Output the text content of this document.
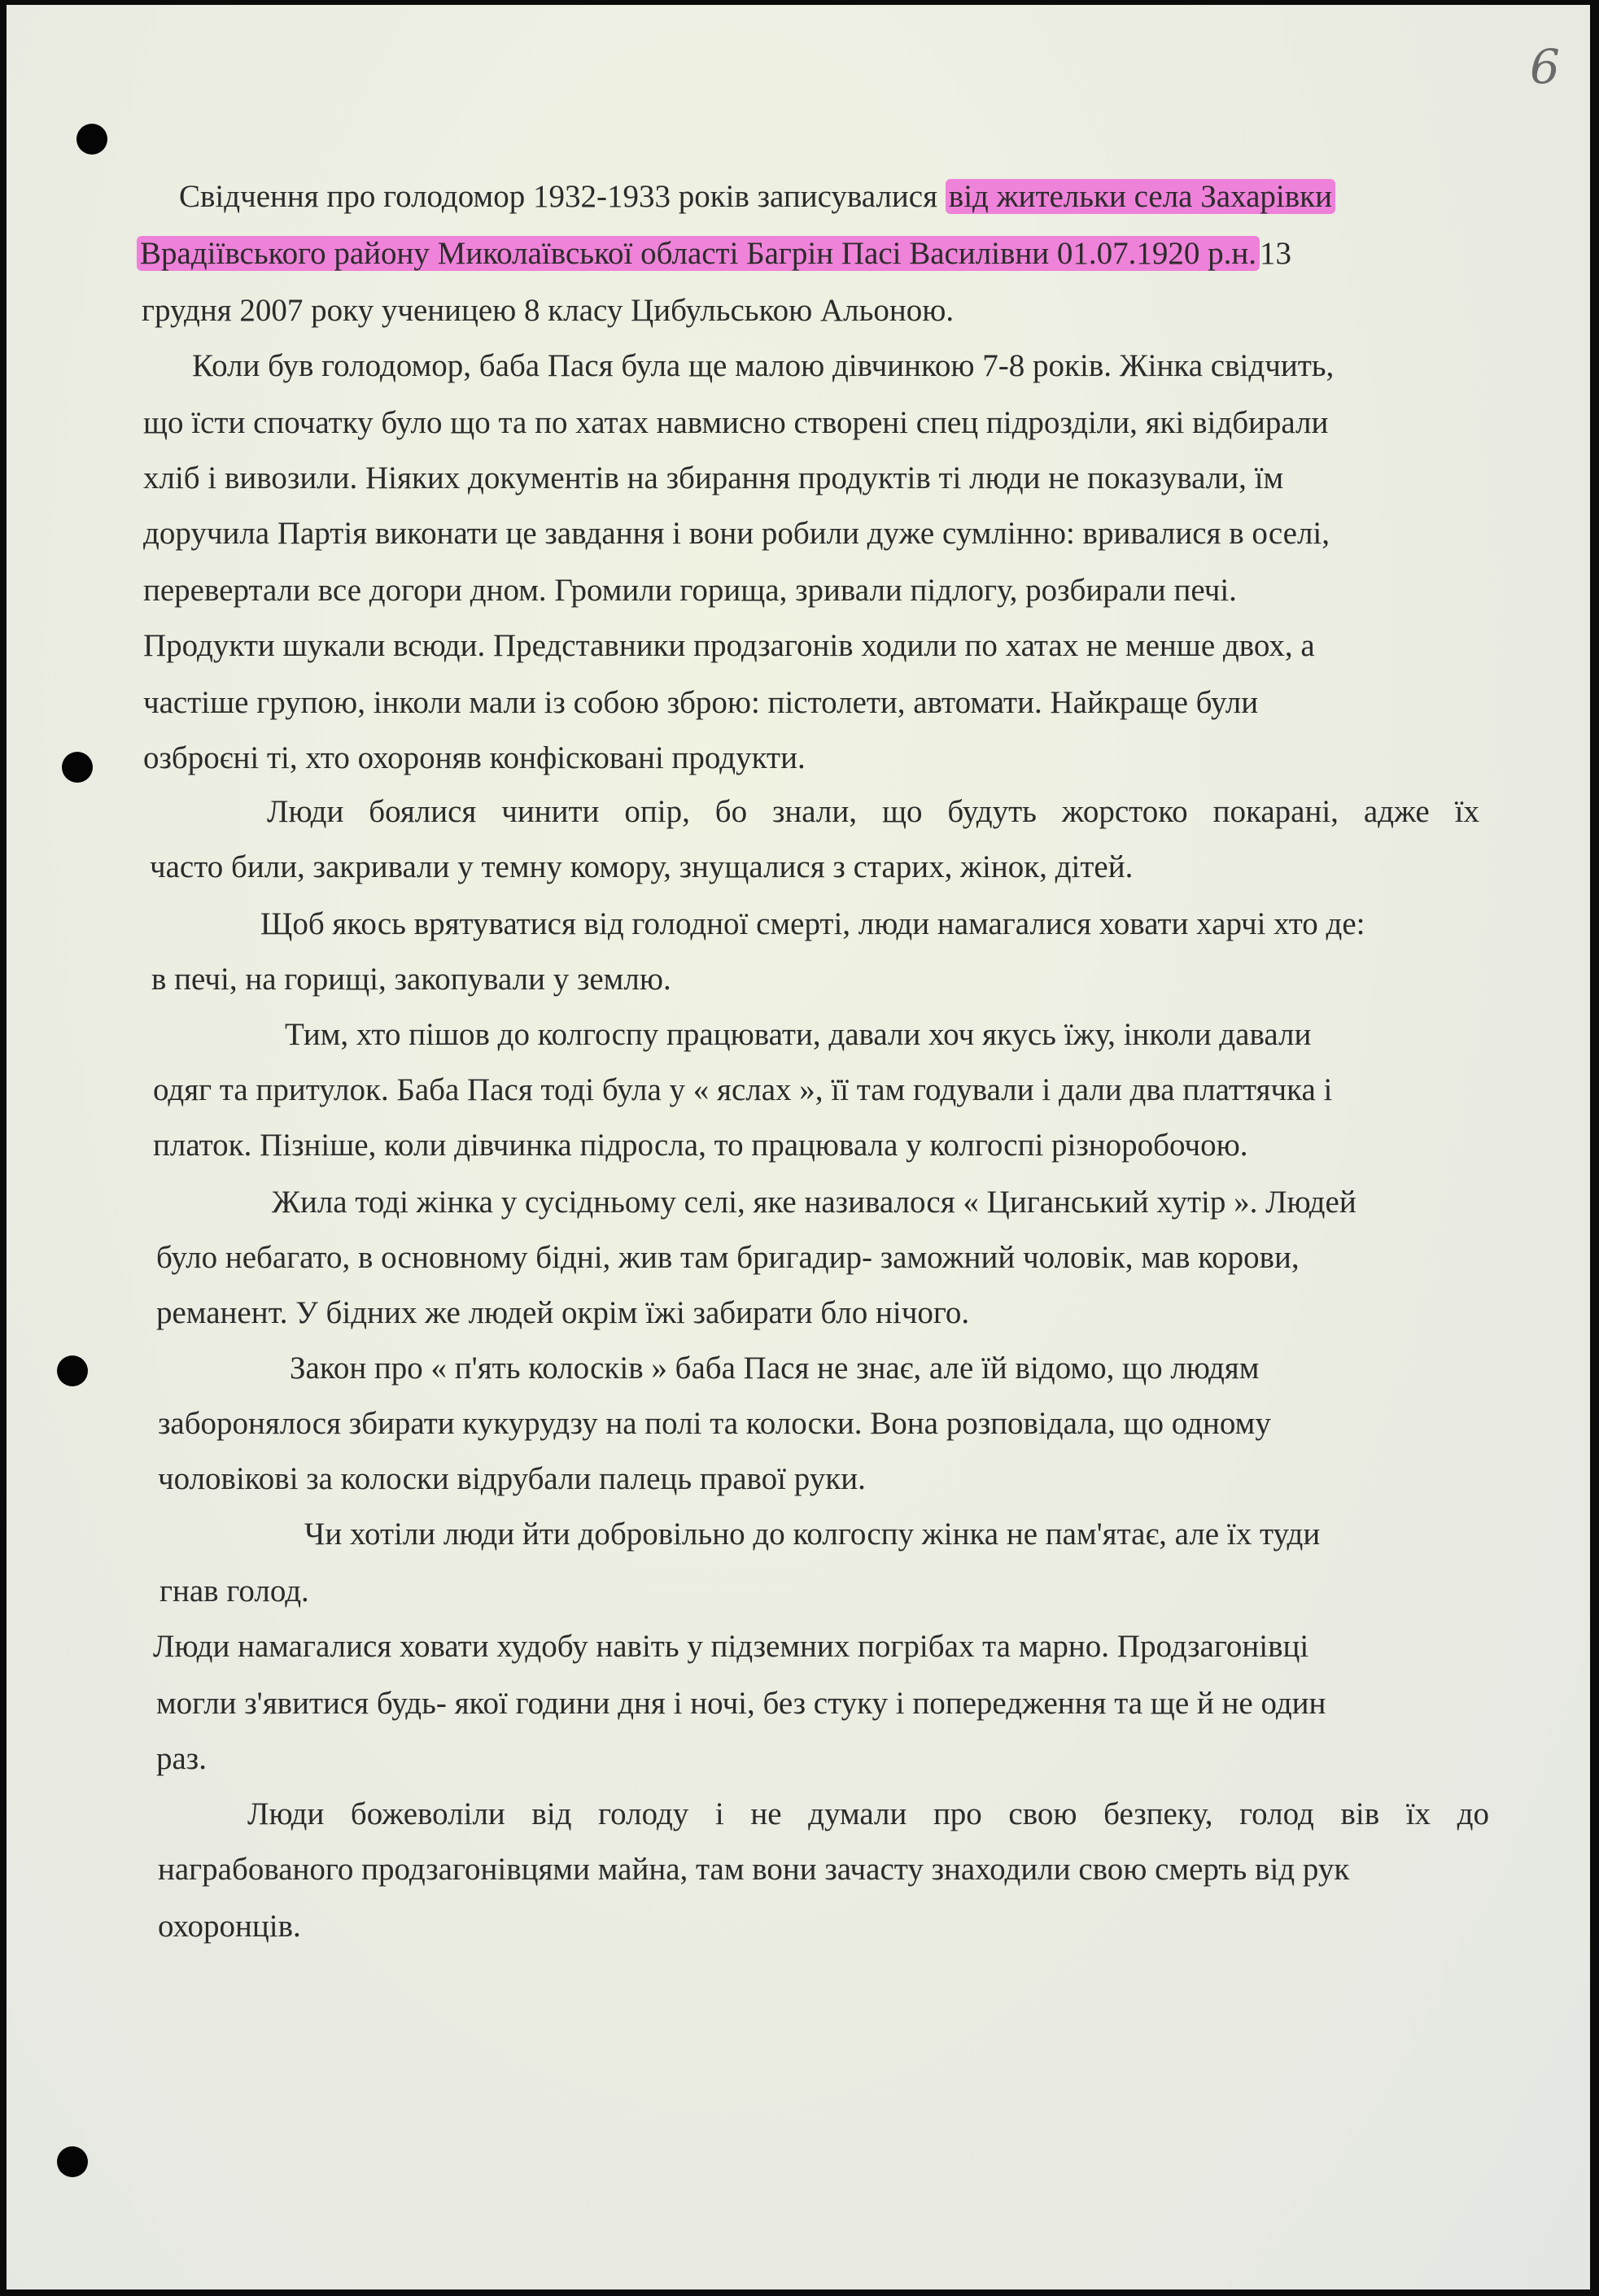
6

Свідчення про голодомор 1932-1933 років записувалися від жительки села Захарівки

Врадіївського району Миколаївської області Багрін Пасі Василівни 01.07.1920 р.н. 13

грудня 2007 року ученицею 8 класу Цибульською Альоною.

Коли був голодомор, баба Пася була ще малою дівчинкою 7-8 років. Жінка свідчить,

що їсти спочатку було що та по хатах навмисно створені спец підрозділи, які відбирали

хліб і вивозили. Ніяких документів на збирання продуктів ті люди не показували, їм

доручила Партія виконати це завдання і вони робили дуже сумлінно: вривалися в оселі,

перевертали все догори дном. Громили горища, зривали підлогу, розбирали печі.

Продукти шукали всюди. Представники продзагонів ходили по хатах не менше двох, а

частіше групою, інколи мали із собою зброю: пістолети, автомати. Найкраще були

озброєні ті, хто охороняв конфісковані продукти.

Люди боялися чинити опір, бо знали, що будуть жорстоко покарані, адже їх

часто били, закривали у темну комору, знущалися з старих, жінок, дітей.

Щоб якось врятуватися від голодної смерті, люди намагалися ховати харчі хто де:

в печі, на горищі, закопували у землю.

Тим, хто пішов до колгоспу працювати, давали хоч якусь їжу, інколи давали

одяг та притулок. Баба Пася тоді була у « яслах », її там годували і дали два платтячка і

платок. Пізніше, коли дівчинка підросла, то працювала у колгоспі різноробочою.

Жила тоді жінка у сусідньому селі, яке називалося « Циганський хутір ». Людей

було небагато, в основному бідні, жив там бригадир- заможний чоловік, мав корови,

реманент. У бідних же людей окрім їжі забирати бло нічого.

Закон про « п'ять колосків » баба Пася не знає, але їй відомо, що людям

заборонялося збирати кукурудзу на полі та колоски. Вона розповідала, що одному

чоловікові за колоски відрубали палець правої руки.

Чи хотіли люди йти добровільно до колгоспу жінка не пам'ятає, але їх туди

гнав голод.

Люди намагалися ховати худобу навіть у підземних погрібах та марно. Продзагонівці

могли з'явитися будь- якої години дня і ночі, без стуку і попередження та ще й не один

раз.

Люди божеволіли від голоду і не думали про свою безпеку, голод вів їх до

награбованого продзагонівцями майна, там вони зачасту знаходили свою смерть від рук

охоронців.
